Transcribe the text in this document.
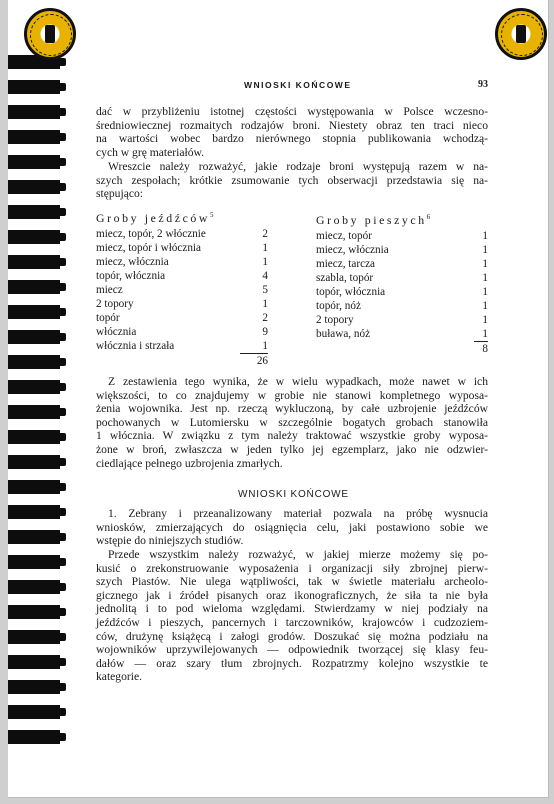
WNIOSKI KOŃCOWE	93
dać w przybliżeniu istotnej częstości występowania w Polsce wczesno-
średniowiecznej rozmaitych rodzajów broni. Niestety obraz ten traci nieco
na wartości wobec bardzo nierównego stopnia publikowania wchodzą-
cych w grę materiałów.
Wreszcie należy rozważyć, jakie rodzaje broni występują razem w na-
szych zespołach; krótkie zsumowanie tych obserwacji przedstawia się na-
stępująco:
Groby jeźdźców$^5$
miecz, topór, 2 włócznie	2
miecz, topór i włócznia	1
miecz, włócznia	1
topór, włócznia	4
miecz	5
2 topory	1
topór	2
włócznia	9
włócznia i strzała	1
26
Groby pieszych$^6$
miecz, topór	1
miecz, włócznia	1
miecz, tarcza	1
szabla, topór	1
topór, włócznia	1
topór, nóż	1
2 topory	1
buława, nóż	1
8
Z zestawienia tego wynika, że w wielu wypadkach, może nawet w ich
większości, to co znajdujemy w grobie nie stanowi kompletnego wyposa-
żenia wojownika. Jest np. rzeczą wykluczoną, by całe uzbrojenie jeźdźców
pochowanych w Lutomiersku w szczególnie bogatych grobach stanowiła
1 włócznia. W związku z tym należy traktować wszystkie groby wyposa-
żone w broń, zwłaszcza w jeden tylko jej egzemplarz, jako nie odzwier-
ciedlające pełnego uzbrojenia zmarłych.
WNIOSKI KOŃCOWE
1. Zebrany i przeanalizowany materiał pozwala na próbę wysnucia
wniosków, zmierzających do osiągnięcia celu, jaki postawiono sobie we
wstępie do niniejszych studiów.
Przede wszystkim należy rozważyć, w jakiej mierze możemy się po-
kusić o zrekonstruowanie wyposażenia i organizacji siły zbrojnej pierw-
szych Piastów. Nie ulega wątpliwości, tak w świetle materiału archeolo-
gicznego jak i źródeł pisanych oraz ikonograficznych, że siła ta nie była
jednolitą i to pod wieloma względami. Stwierdzamy w niej podziały na
jeźdźców i pieszych, pancernych i tarczowników, krajowców i cudzoziem-
ców, drużynę książęcą i załogi grodów. Doszukać się można podziału na
wojowników uprzywilejowanych — odpowiednik tworzącej się klasy feu-
dałów — oraz szary tłum zbrojnych. Rozpatrzmy kolejno wszystkie te
kategorie.
